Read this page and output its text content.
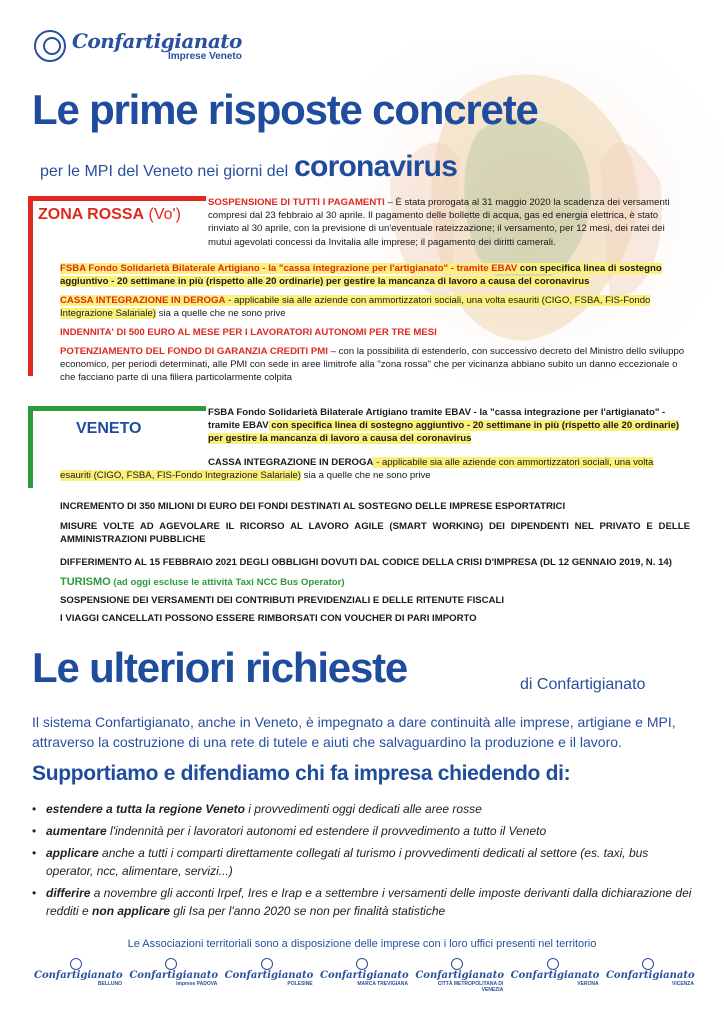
Confartigianato
Imprese Veneto
Le prime risposte concrete
per le MPI del Veneto nei giorni del coronavirus
ZONA ROSSA (Vo')
SOSPENSIONE DI TUTTI I PAGAMENTI – È stata prorogata al 31 maggio 2020 la scadenza dei versamenti compresi dal 23 febbraio al 30 aprile. Il pagamento delle bollette di acqua, gas ed energia elettrica, è stato rinviato al 30 aprile, con la previsione di un'eventuale rateizzazione; il versamento, per 12 mesi, dei ratei dei mutui agevolati concessi da Invitalia alle imprese; il pagamento dei diritti camerali.
FSBA Fondo Solidarietà Bilaterale Artigiano - la "cassa integrazione per l'artigianato" - tramite EBAV con specifica linea di sostegno aggiuntivo - 20 settimane in più (rispetto alle 20 ordinarie) per gestire la mancanza di lavoro a causa del coronavirus
CASSA INTEGRAZIONE IN DEROGA - applicabile sia alle aziende con ammortizzatori sociali, una volta esauriti (CIGO, FSBA, FIS-Fondo Integrazione Salariale) sia a quelle che ne sono prive
INDENNITA' DI 500 EURO AL MESE PER I LAVORATORI AUTONOMI PER TRE MESI
POTENZIAMENTO DEL FONDO DI GARANZIA CREDITI PMI – con la possibilità di estenderlo, con successivo decreto del Ministro dello sviluppo economico, per periodi determinati, alle PMI con sede in aree limitrofe alla "zona rossa" che per vicinanza abbiano subito un danno eccezionale o che facciano parte di una filiera particolarmente colpita
VENETO
FSBA Fondo Solidarietà Bilaterale Artigiano tramite EBAV - la "cassa integrazione per l'artigianato" - tramite EBAV con specifica linea di sostegno aggiuntivo - 20 settimane in più (rispetto alle 20 ordinarie) per gestire la mancanza di lavoro a causa del coronavirus
CASSA INTEGRAZIONE IN DEROGA - applicabile sia alle aziende con ammortizzatori sociali, una volta
esauriti (CIGO, FSBA, FIS-Fondo Integrazione Salariale) sia a quelle che ne sono prive
INCREMENTO DI 350 MILIONI DI EURO DEI FONDI DESTINATI AL SOSTEGNO DELLE IMPRESE ESPORTATRICI
MISURE VOLTE AD AGEVOLARE IL RICORSO AL LAVORO AGILE (SMART WORKING) DEI DIPENDENTI NEL PRIVATO E DELLE AMMINISTRAZIONI PUBBLICHE
DIFFERIMENTO AL 15 FEBBRAIO 2021 DEGLI OBBLIGHI DOVUTI DAL CODICE DELLA CRISI D'IMPRESA (DL 12 GENNAIO 2019, N. 14)
TURISMO (ad oggi escluse le attività Taxi NCC Bus Operator)
SOSPENSIONE DEI VERSAMENTI DEI CONTRIBUTI PREVIDENZIALI E DELLE RITENUTE FISCALI
I VIAGGI CANCELLATI POSSONO ESSERE RIMBORSATI CON VOUCHER DI PARI IMPORTO
Le ulteriori richieste	di Confartigianato
Il sistema Confartigianato, anche in Veneto, è impegnato a dare continuità alle imprese, artigiane e MPI, attraverso la costruzione di una rete di tutele e aiuti che salvaguardino la produzione e il lavoro.
Supportiamo e difendiamo chi fa impresa chiedendo di:
• estendere a tutta la regione Veneto i provvedimenti oggi dedicati alle aree rosse
• aumentare l'indennità per i lavoratori autonomi ed estendere il provvedimento a tutto il Veneto
• applicare anche a tutti i comparti direttamente collegati al turismo i provvedimenti dedicati al settore (es. taxi, bus operator, ncc, alimentare, servizi...)
• differire a novembre gli acconti Irpef, Ires e Irap e a settembre i versamenti delle imposte derivanti dalla dichiarazione dei redditi e non applicare gli Isa per l'anno 2020 se non per finalità statistiche
Le Associazioni territoriali sono a disposizione delle imprese con i loro uffici presenti nel territorio
Confartigianato
BELLUNO
Confartigianato
Imprese PADOVA
Confartigianato
POLESINE
Confartigianato
MARCA TREVIGIANA
Confartigianato
CITTÀ METROPOLITANA DI VENEZIA
Confartigianato
VERONA
Confartigianato
VICENZA
